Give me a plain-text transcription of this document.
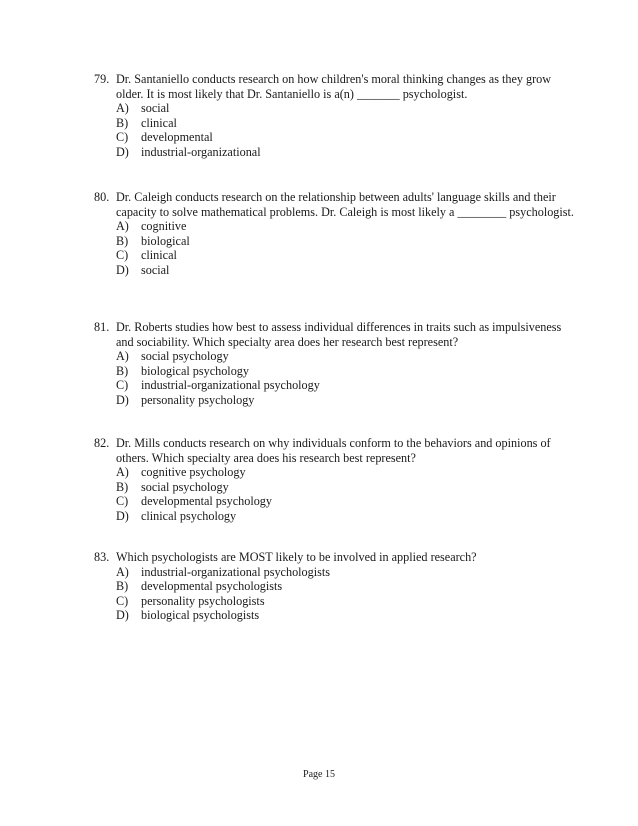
79. Dr. Santaniello conducts research on how children's moral thinking changes as they grow older. It is most likely that Dr. Santaniello is a(n) _______ psychologist.
A) social
B)	clinical
C)	developmental
D) industrial-organizational
80. Dr. Caleigh conducts research on the relationship between adults' language skills and their capacity to solve mathematical problems. Dr. Caleigh is most likely a ________ psychologist.
A) cognitive
B)	biological
C)	clinical
D) social
81. Dr. Roberts studies how best to assess individual differences in traits such as impulsiveness and sociability. Which specialty area does her research best represent?
A) social psychology
B)	biological psychology
C)	industrial-organizational psychology
D) personality psychology
82. Dr. Mills conducts research on why individuals conform to the behaviors and opinions of others. Which specialty area does his research best represent?
A) cognitive psychology
B)	social psychology
C)	developmental psychology
D) clinical psychology
83. Which psychologists are MOST likely to be involved in applied research?
A) industrial-organizational psychologists
B)	developmental psychologists
C)	personality psychologists
D) biological psychologists
Page 15
